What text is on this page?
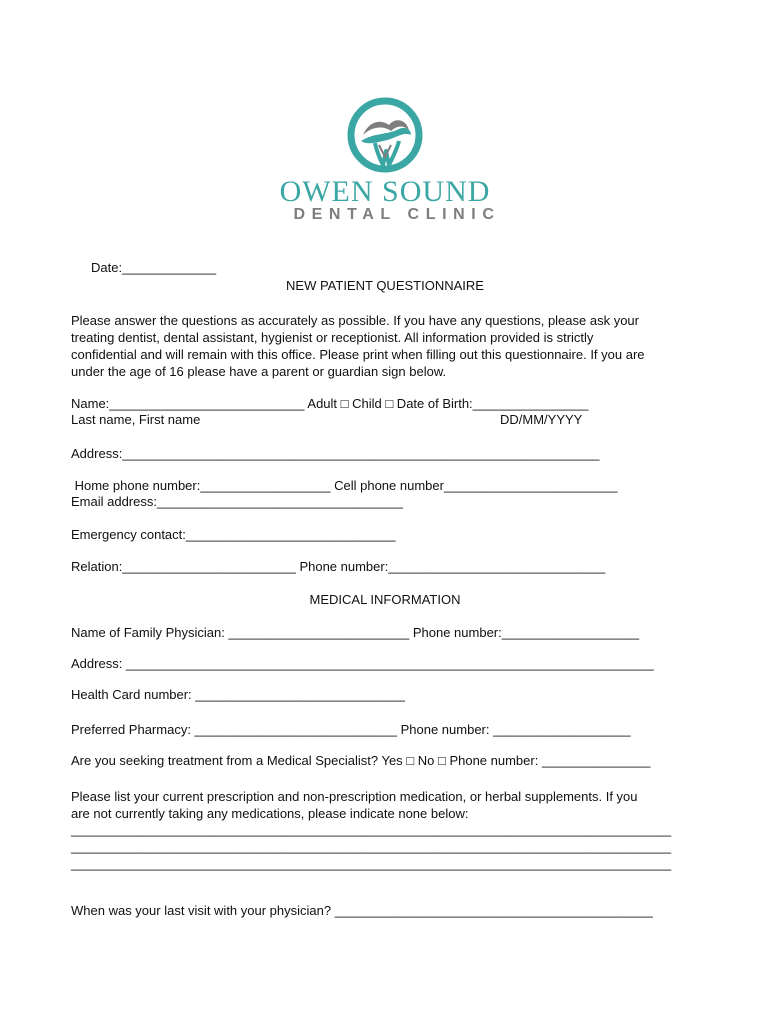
OWEN SOUND
DENTAL CLINIC
Date:_____________
NEW PATIENT QUESTIONNAIRE
Please answer the questions as accurately as possible. If you have any questions, please ask your
treating dentist, dental assistant, hygienist or receptionist. All information provided is strictly
confidential and will remain with this office. Please print when filling out this questionnaire. If you are
under the age of 16 please have a parent or guardian sign below.
Name:___________________________ Adult □ Child □ Date of Birth:________________
Last name, First name	DD/MM/YYYY
Address:__________________________________________________________________
Home phone number:__________________ Cell phone number________________________
Email address:__________________________________
Emergency contact:_____________________________
Relation:________________________ Phone number:______________________________
MEDICAL INFORMATION
Name of Family Physician: _________________________ Phone number:___________________
Address: _________________________________________________________________________
Health Card number: _____________________________
Preferred Pharmacy: ____________________________ Phone number: ___________________
Are you seeking treatment from a Medical Specialist? Yes □ No □ Phone number: _______________
Please list your current prescription and non-prescription medication, or herbal supplements. If you
are not currently taking any medications, please indicate none below:
___________________________________________________________________________________
___________________________________________________________________________________
___________________________________________________________________________________
When was your last visit with your physician? ____________________________________________
